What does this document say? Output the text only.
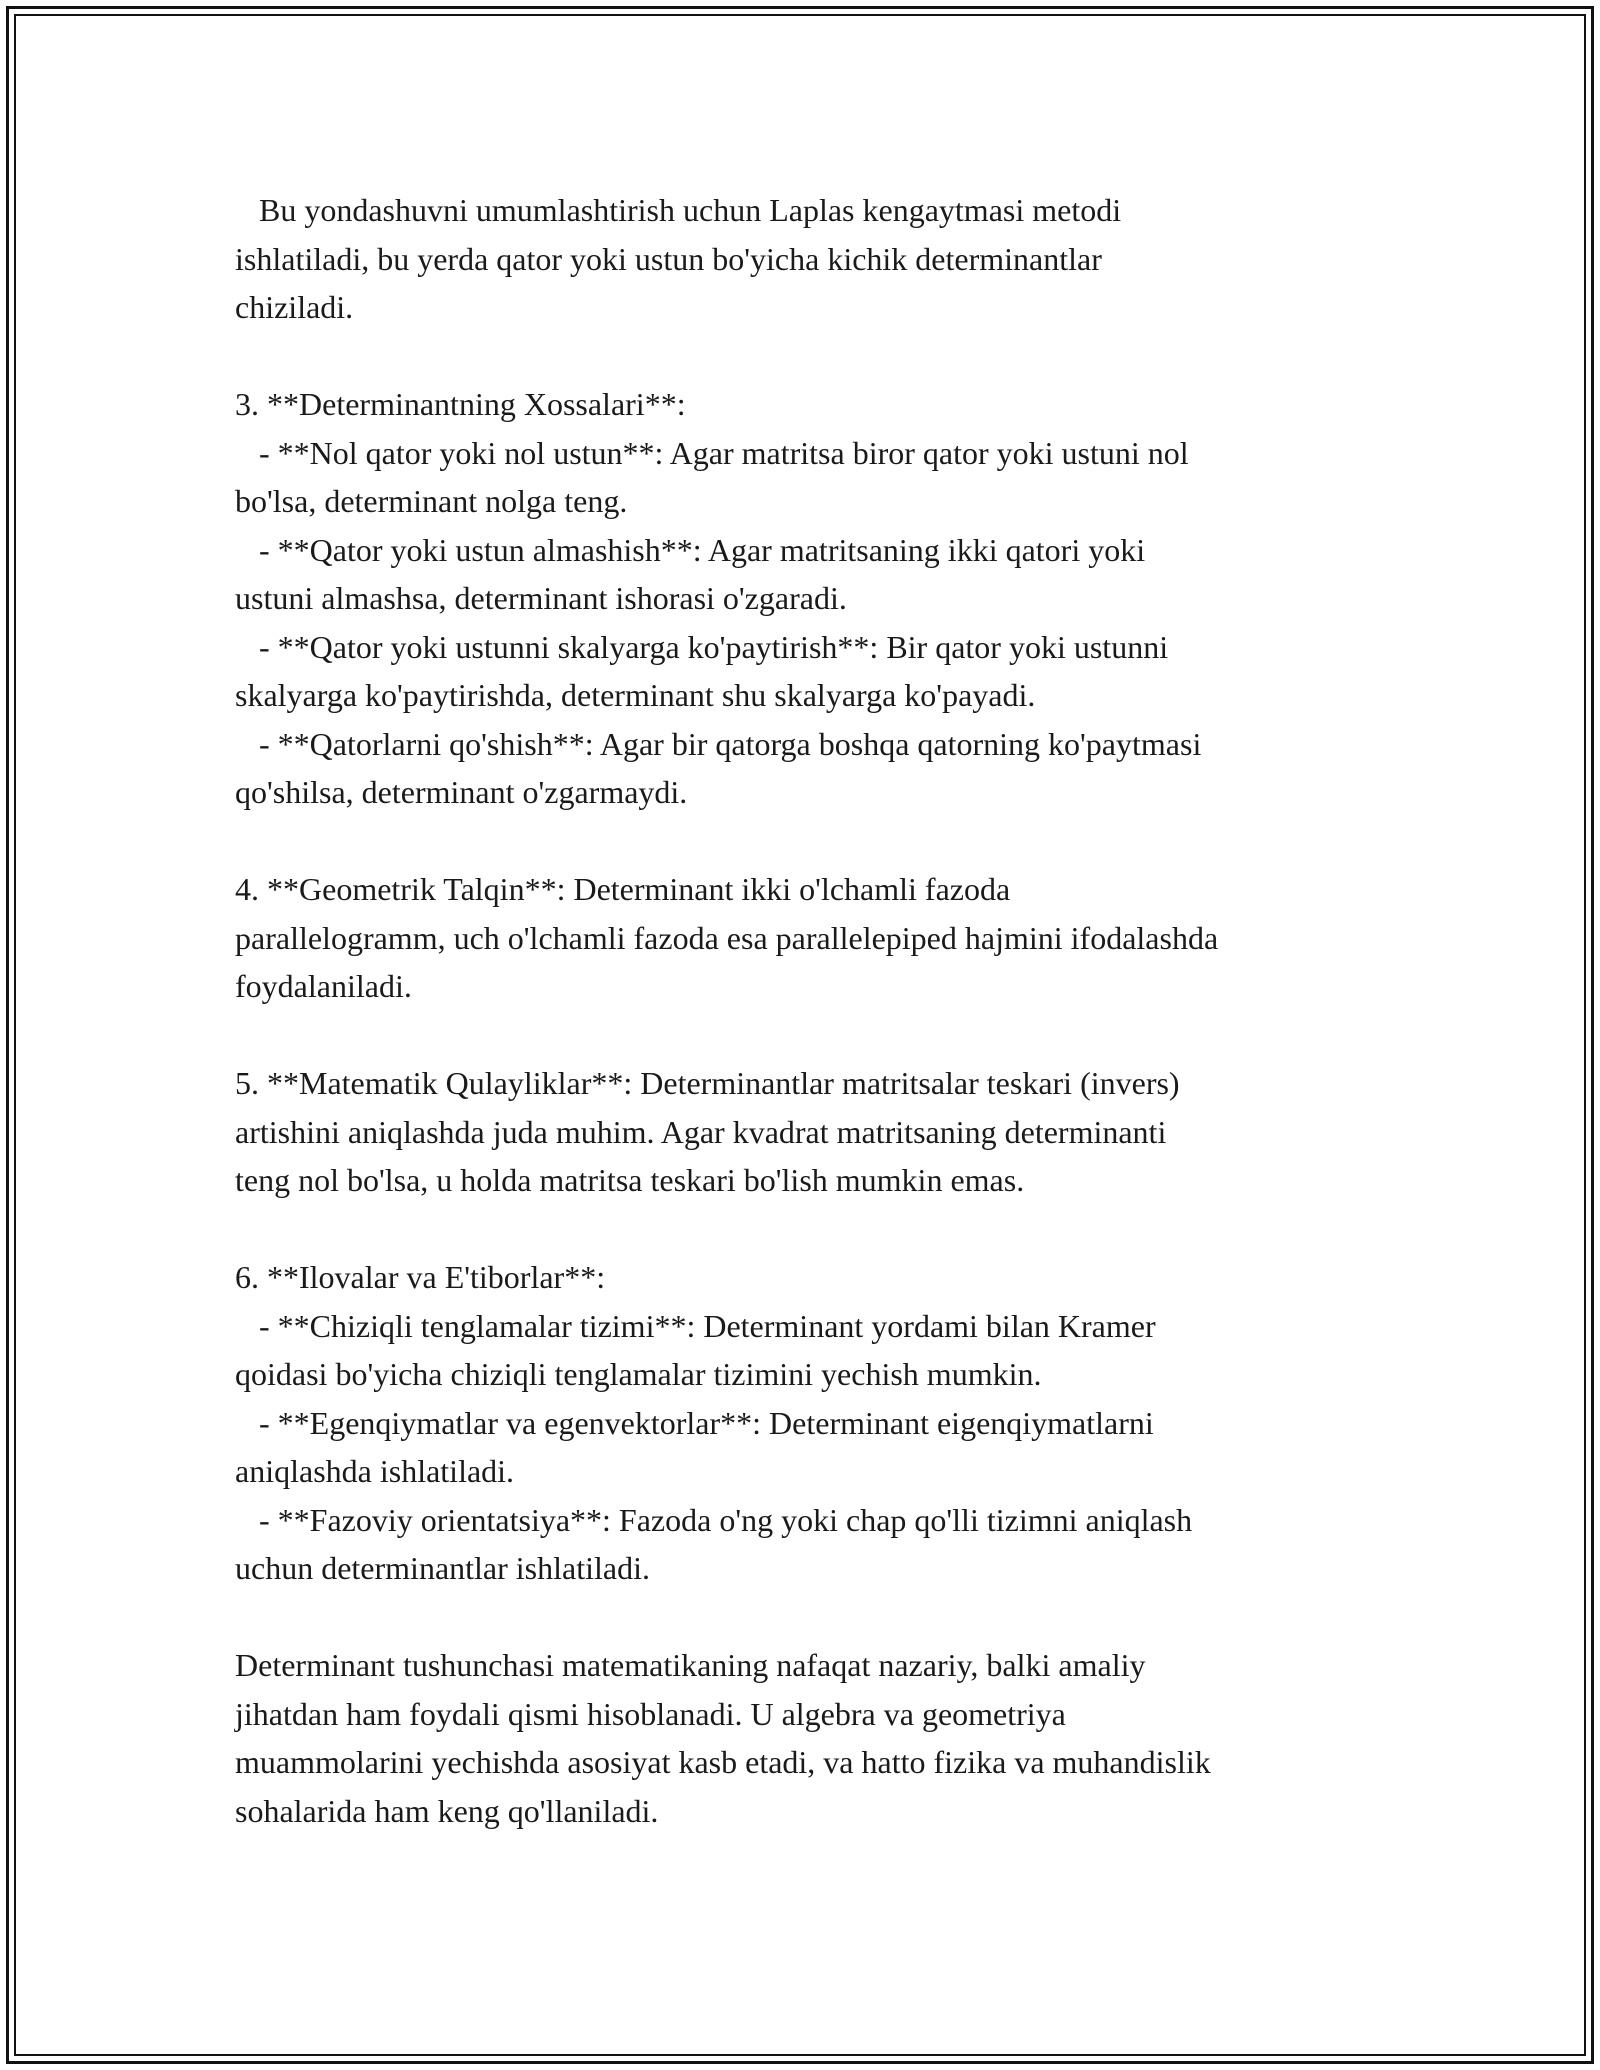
Bu yondashuvni umumlashtirish uchun Laplas kengaytmasi metodi
ishlatiladi, bu yerda qator yoki ustun bo'yicha kichik determinantlar
chiziladi.
3. **Determinantning Xossalari**:
- **Nol qator yoki nol ustun**: Agar matritsa biror qator yoki ustuni nol
bo'lsa, determinant nolga teng.
- **Qator yoki ustun almashish**: Agar matritsaning ikki qatori yoki
ustuni almashsa, determinant ishorasi o'zgaradi.
- **Qator yoki ustunni skalyarga ko'paytirish**: Bir qator yoki ustunni
skalyarga ko'paytirishda, determinant shu skalyarga ko'payadi.
- **Qatorlarni qo'shish**: Agar bir qatorga boshqa qatorning ko'paytmasi
qo'shilsa, determinant o'zgarmaydi.
4. **Geometrik Talqin**: Determinant ikki o'lchamli fazoda
parallelogramm, uch o'lchamli fazoda esa parallelepiped hajmini ifodalashda
foydalaniladi.
5. **Matematik Qulayliklar**: Determinantlar matritsalar teskari (invers)
artishini aniqlashda juda muhim. Agar kvadrat matritsaning determinanti
teng nol bo'lsa, u holda matritsa teskari bo'lish mumkin emas.
6. **Ilovalar va E'tiborlar**:
- **Chiziqli tenglamalar tizimi**: Determinant yordami bilan Kramer
qoidasi bo'yicha chiziqli tenglamalar tizimini yechish mumkin.
- **Egenqiymatlar va egenvektorlar**: Determinant eigenqiymatlarni
aniqlashda ishlatiladi.
- **Fazoviy orientatsiya**: Fazoda o'ng yoki chap qo'lli tizimni aniqlash
uchun determinantlar ishlatiladi.
Determinant tushunchasi matematikaning nafaqat nazariy, balki amaliy
jihatdan ham foydali qismi hisoblanadi. U algebra va geometriya
muammolarini yechishda asosiyat kasb etadi, va hatto fizika va muhandislik
sohalarida ham keng qo'llaniladi.
